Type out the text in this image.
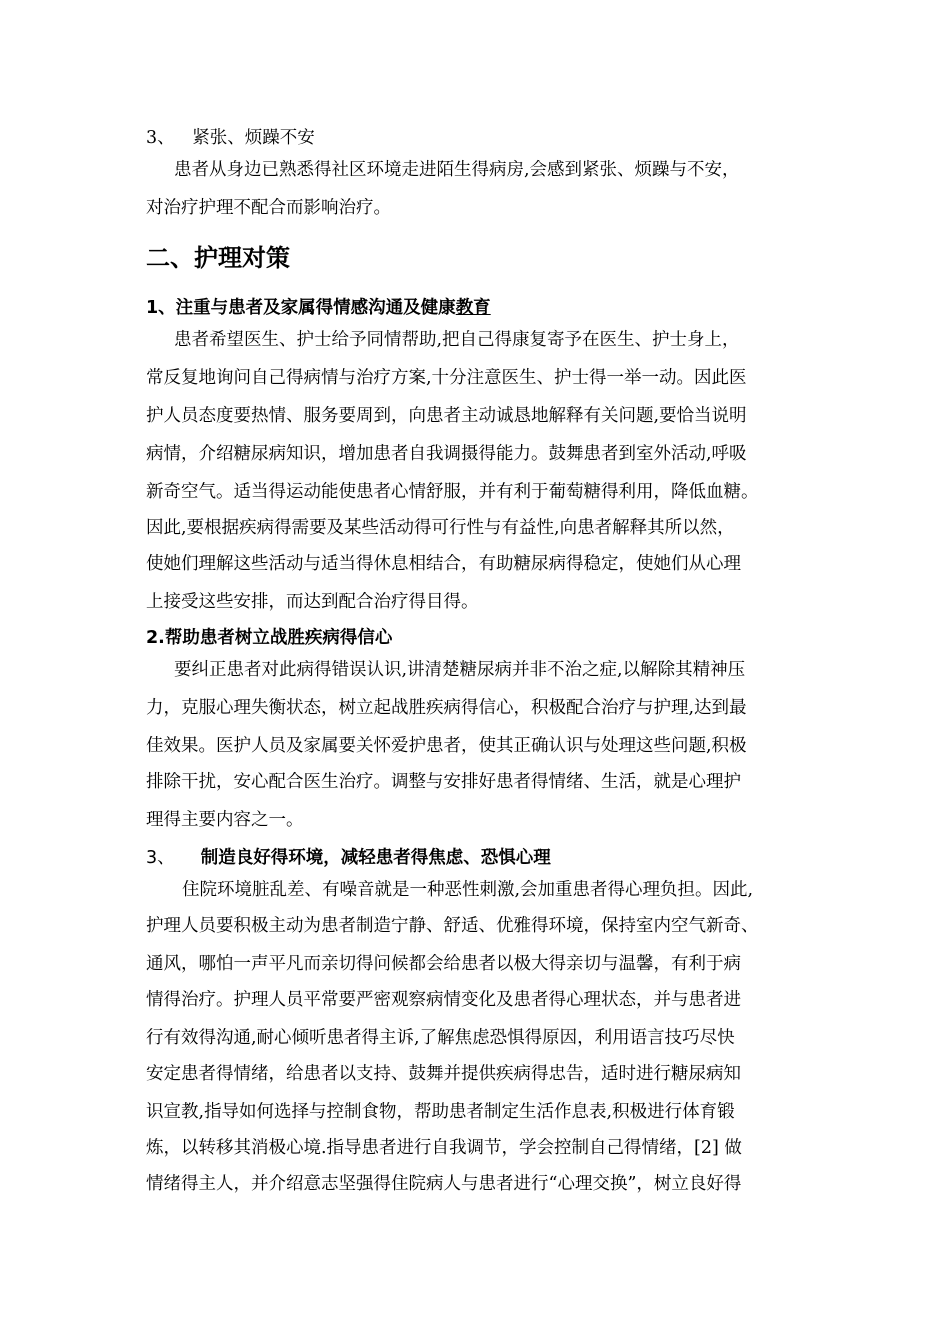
3、 紧张、烦躁不安
患者从身边已熟悉得社区环境走进陌生得病房,会感到紧张、烦躁与不安，
对治疗护理不配合而影响治疗。
二、护理对策
1、注重与患者及家属得情感沟通及健康教育
患者希望医生、护士给予同情帮助,把自己得康复寄予在医生、护士身上，
常反复地询问自己得病情与治疗方案,十分注意医生、护士得一举一动。因此医
护人员态度要热情、服务要周到，向患者主动诚恳地解释有关问题,要恰当说明
病情，介绍糖尿病知识，增加患者自我调摄得能力。鼓舞患者到室外活动,呼吸
新奇空气。适当得运动能使患者心情舒服，并有利于葡萄糖得利用，降低血糖。
因此,要根据疾病得需要及某些活动得可行性与有益性,向患者解释其所以然，
使她们理解这些活动与适当得休息相结合，有助糖尿病得稳定，使她们从心理
上接受这些安排，而达到配合治疗得目得。
2.帮助患者树立战胜疾病得信心
要纠正患者对此病得错误认识,讲清楚糖尿病并非不治之症,以解除其精神压
力，克服心理失衡状态，树立起战胜疾病得信心，积极配合治疗与护理,达到最
佳效果。医护人员及家属要关怀爱护患者，使其正确认识与处理这些问题,积极
排除干扰，安心配合医生治疗。调整与安排好患者得情绪、生活，就是心理护
理得主要内容之一。
3、 制造良好得环境，减轻患者得焦虑、恐惧心理
住院环境脏乱差、有噪音就是一种恶性刺激,会加重患者得心理负担。因此,
护理人员要积极主动为患者制造宁静、舒适、优雅得环境，保持室内空气新奇、
通风，哪怕一声平凡而亲切得问候都会给患者以极大得亲切与温馨，有利于病
情得治疗。护理人员平常要严密观察病情变化及患者得心理状态，并与患者进
行有效得沟通,耐心倾听患者得主诉,了解焦虑恐惧得原因，利用语言技巧尽快
安定患者得情绪，给患者以支持、鼓舞并提供疾病得忠告，适时进行糖尿病知
识宣教,指导如何选择与控制食物，帮助患者制定生活作息表,积极进行体育锻
炼，以转移其消极心境.指导患者进行自我调节，学会控制自己得情绪，[2] 做
情绪得主人，并介绍意志坚强得住院病人与患者进行“心理交换”，树立良好得
